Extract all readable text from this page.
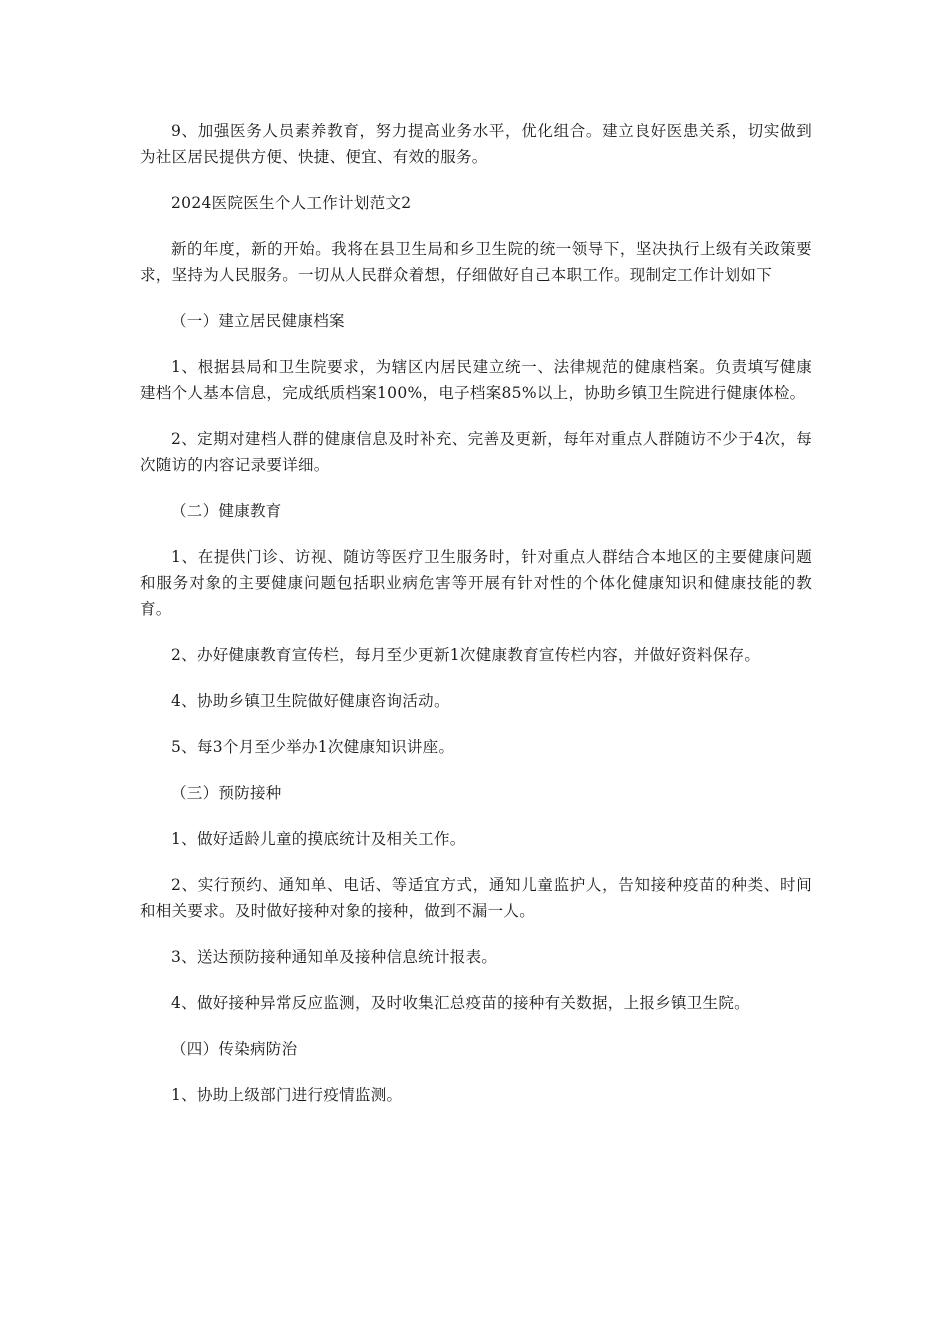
9、加强医务人员素养教育，努力提高业务水平，优化组合。建立良好医患关系，切实做到为社区居民提供方便、快捷、便宜、有效的服务。

2024医院医生个人工作计划范文2

新的年度，新的开始。我将在县卫生局和乡卫生院的统一领导下，坚决执行上级有关政策要求，坚持为人民服务。一切从人民群众着想，仔细做好自己本职工作。现制定工作计划如下

（一）建立居民健康档案

1、根据县局和卫生院要求，为辖区内居民建立统一、法律规范的健康档案。负责填写健康建档个人基本信息，完成纸质档案100%，电子档案85%以上，协助乡镇卫生院进行健康体检。

2、定期对建档人群的健康信息及时补充、完善及更新，每年对重点人群随访不少于4次，每次随访的内容记录要详细。

（二）健康教育

1、在提供门诊、访视、随访等医疗卫生服务时，针对重点人群结合本地区的主要健康问题和服务对象的主要健康问题包括职业病危害等开展有针对性的个体化健康知识和健康技能的教育。

2、办好健康教育宣传栏，每月至少更新1次健康教育宣传栏内容，并做好资料保存。

4、协助乡镇卫生院做好健康咨询活动。

5、每3个月至少举办1次健康知识讲座。

（三）预防接种

1、做好适龄儿童的摸底统计及相关工作。

2、实行预约、通知单、电话、等适宜方式，通知儿童监护人，告知接种疫苗的种类、时间和相关要求。及时做好接种对象的接种，做到不漏一人。

3、送达预防接种通知单及接种信息统计报表。

4、做好接种异常反应监测，及时收集汇总疫苗的接种有关数据，上报乡镇卫生院。

（四）传染病防治

1、协助上级部门进行疫情监测。
